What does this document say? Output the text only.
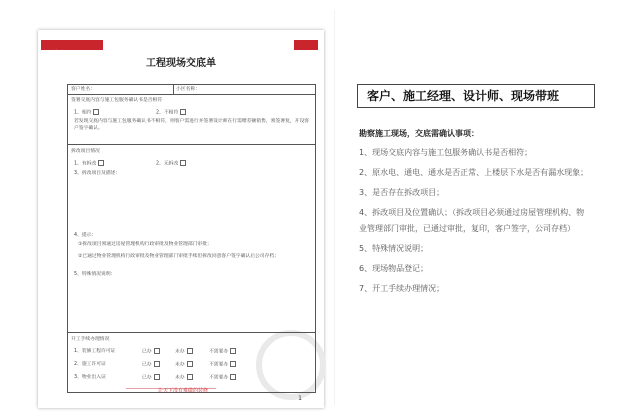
瑞家必結
工程现场交底单
客户姓名：	小区名称：
签署交底内容与施工包服务确认书是否相符
1、相符	2、不相符
若发现交底内容与施工包服务确认书不相符，则客户需进行并签署设计师在行需赠差额销售，须签署复，开设客户签字确认。
拆改项目情况
1、有拆改	2、无拆改
3、拆改项目及描述：
4、提示：
①拆改项目须通过房屋管理机构行政审批及物业管理部门审批；
②已通过物业管理机构行政审批及物业管理部门审批手续但拆改同意客户签字确认后公司存档；
5、特殊情况说明：
开工手续办理情况
1、装修工程许可证	已办	未办	不需要办
2、施工许可证	已办	未办	不需要办
3、物业出入证	已办	未办	不需要办
让天下没有难做的装修
1
客户、施工经理、设计师、现场带班
勘察施工现场，交底需确认事项：
1、现场交底内容与施工包服务确认书是否相符；
2、原水电、通电、通水是否正常、上楼层下水是否有漏水现象；
3、是否存在拆改项目；
4、拆改项目及位置确认；（拆改项目必须通过房屋管理机构、物
业管理部门审批，已通过审批，复印，客户签字，公司存档）
5、特殊情况说明；
6、现场物品登记；
7、开工手续办理情况；
